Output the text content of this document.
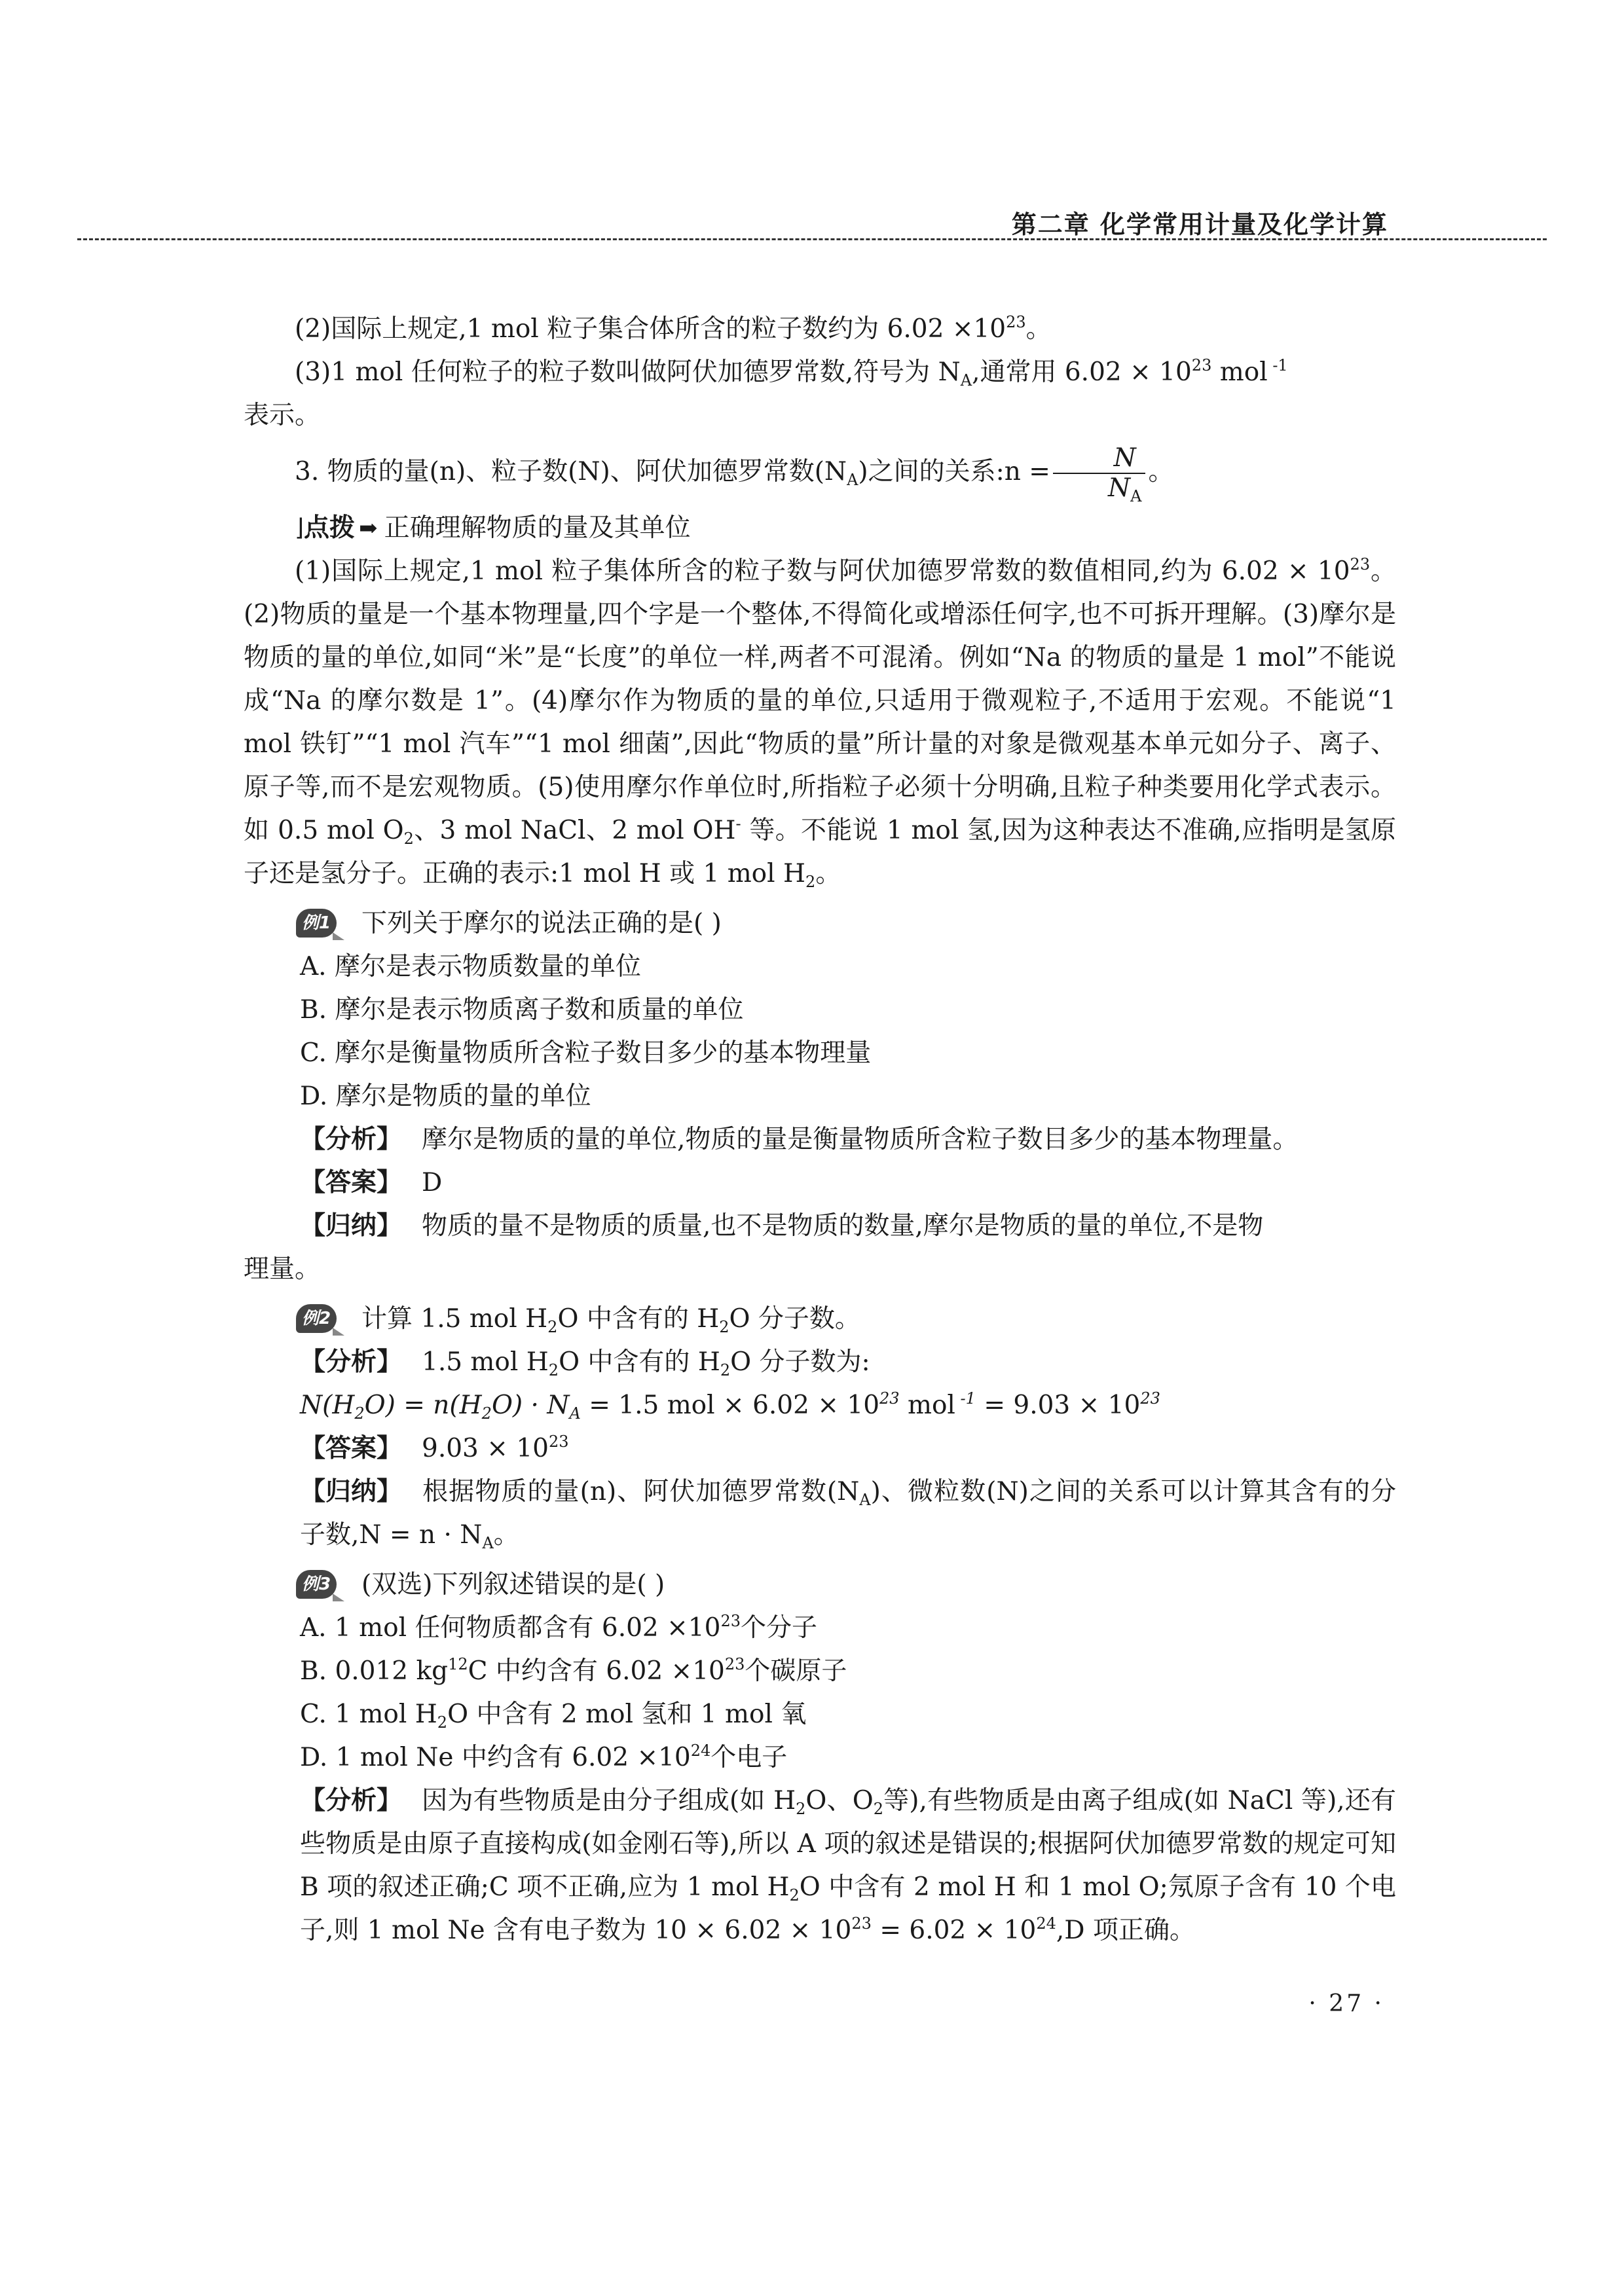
第二章 化学常用计量及化学计算

(2)国际上规定,1 mol 粒子集合体所含的粒子数约为 $6.02 \times 10^{23}$。

(3)1 mol 任何粒子的粒子数叫做阿伏加德罗常数,符号为 $N_A$,通常用 $6.02 \times 10^{23}$ mol $^{-1}$
表示。

3. 物质的量(n)、粒子数(N)、阿伏加德罗常数$(N_A)$之间的关系:n = $\frac{N}{N_A}$ 。

⌋ 点拨 ➡ 正确理解物质的量及其单位

(1)国际上规定,1 mol 粒子集体所含的粒子数与阿伏加德罗常数的数值相同,约为 $6.02 \times 10^{23}$。(2)物质的量是一个基本物理量,四个字是一个整体,不得简化或增添任何字,也不可拆开理解。(3)摩尔是物质的量的单位,如同“米”是“长度”的单位一样,两者不可混淆。例如“Na 的物质的量是 1 mol”不能说成“Na 的摩尔数是 1”。(4)摩尔作为物质的量的单位,只适用于微观粒子,不适用于宏观。不能说“1 mol 铁钉”“1 mol 汽车”“1 mol 细菌”,因此“物质的量”所计量的对象是微观基本单元如分子、离子、原子等,而不是宏观物质。(5)使用摩尔作单位时,所指粒子必须十分明确,且粒子种类要用化学式表示。如 0.5 mol $O_2$、3 mol NaCl、2 mol OH- 等。不能说 1 mol 氢,因为这种表达不准确,应指明是氢原子还是氢分子。正确的表示:1 mol H 或 1 mol $H_2$。

例1 下列关于摩尔的说法正确的是( )

A. 摩尔是表示物质数量的单位

B. 摩尔是表示物质离子数和质量的单位

C. 摩尔是衡量物质所含粒子数目多少的基本物理量

D. 摩尔是物质的量的单位

【分析】 摩尔是物质的量的单位,物质的量是衡量物质所含粒子数目多少的基本物理量。

【答案】 D

【归纳】 物质的量不是物质的质量,也不是物质的数量,摩尔是物质的量的单位,不是物

理量。

例2 计算 1.5 mol $H_2O$ 中含有的 $H_2O$ 分子数。

【分析】 1.5 mol $H_2O$ 中含有的 $H_2O$ 分子数为:

$N(H_2O) = n(H_2O) \cdot N_A = 1.5$ mol × $6.02 \times 10^{23}$ mol $^{-1} = 9.03 \times 10^{23}$

【答案】 $9.03 \times 10^{23}$

【归纳】 根据物质的量(n)、阿伏加德罗常数$(N_A)$、微粒数(N)之间的关系可以计算其含有的分子数$,N = n \cdot N_A$。

例3 (双选)下列叙述错误的是( )

A. 1 mol 任何物质都含有 $6.02 \times 10^{23}$个分子

B. 0.012 $kg^{12}C$ 中约含有 $6.02 \times 10^{23}$个碳原子

C. 1 mol $H_2O$ 中含有 2 mol 氢和 1 mol 氧

D. 1 mol Ne 中约含有 $6.02 \times 10^{24}$个电子

【分析】 因为有些物质是由分子组成(如 $H_2O$、$O_2$等),有些物质是由离子组成(如 NaCl 等),还有些物质是由原子直接构成(如金刚石等),所以 A 项的叙述是错误的;根据阿伏加德罗常数的规定可知 B 项的叙述正确;C 项不正确,应为 1 mol $H_2O$ 中含有 2 mol H 和 1 mol O;氖原子含有 10 个电子,则 1 mol Ne 含有电子数为 $10 \times 6.02 \times 10^{23} = 6.02 \times 10^{24},D$ 项正确。

· 27 ·
